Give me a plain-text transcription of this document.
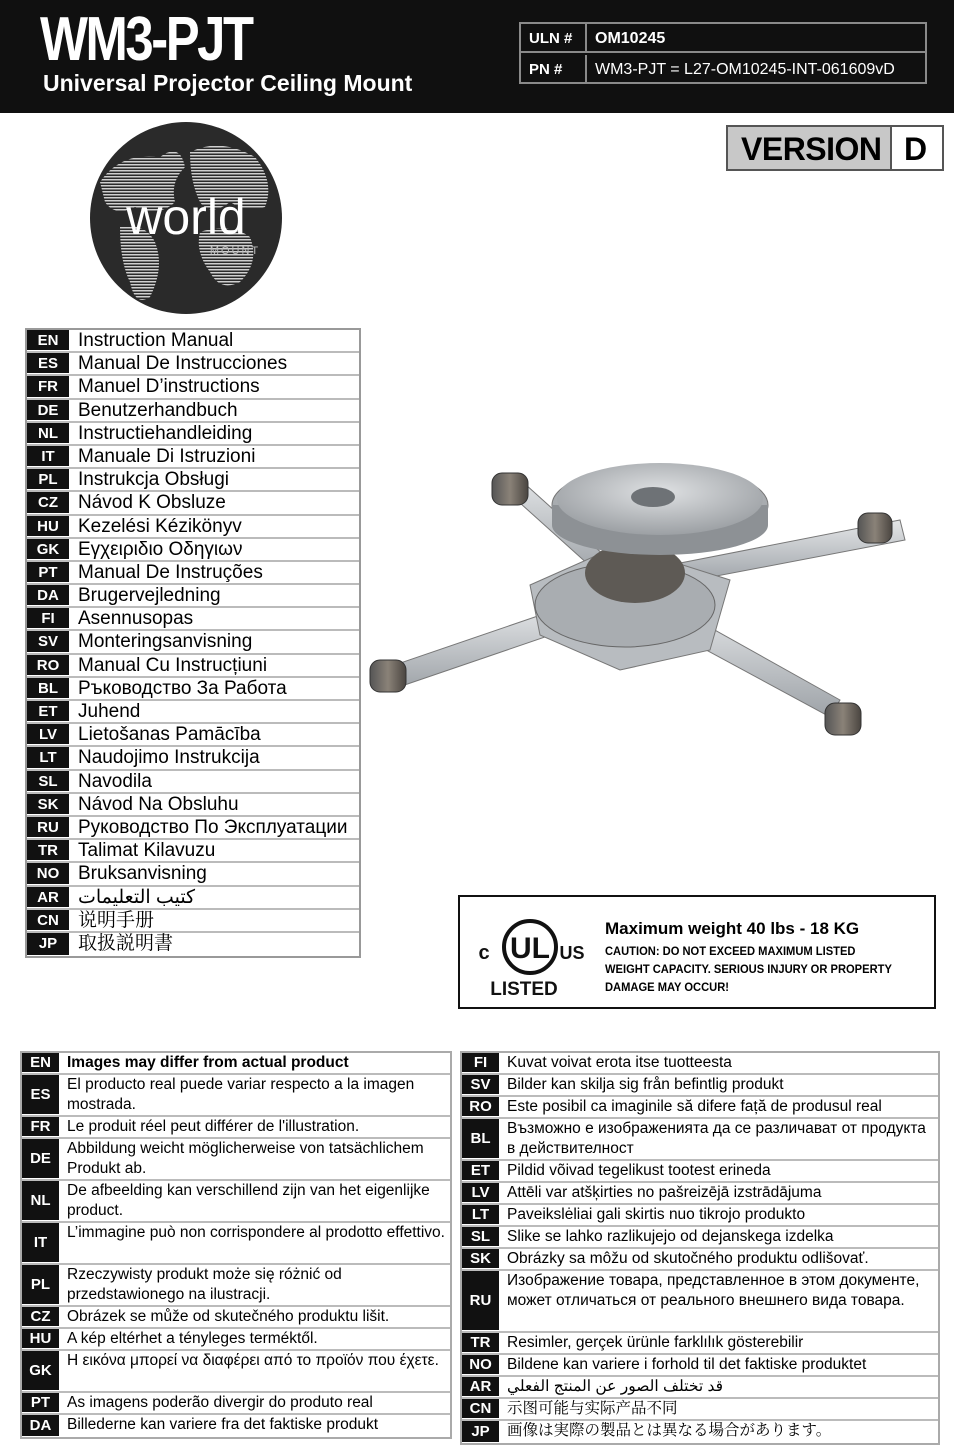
WM3-PJT
Universal Projector Ceiling Mount
ULN #	OM10245
PN #	WM3-PJT = L27-OM10245-INT-061609vD
VERSION D
world
MOUNT
EN	Instruction Manual
ES	Manual De Instrucciones
FR	Manuel D’instructions
DE	Benutzerhandbuch
NL	Instructiehandleiding
IT	Manuale Di Istruzioni
PL	Instrukcja Obsługi
CZ	Návod K Obsluze
HU	Kezelési Kézikönyv
GK Εγχειριδιο Οδηγιων
PT	Manual De Instruções
DA	Brugervejledning
FI	Asennusopas
SV	Monteringsanvisning
RO Manual Cu Instrucțiuni
BL	Ръководство За Работа
ET	Juhend
LV	Lietošanas Pamācība
LT	Naudojimo Instrukcija
SL	Navodila
SK	Návod Na Obsluhu
RU	Руководство По Эксплуатации
TR	Talimat Kilavuzu
NO Bruksanvisning
AR	كتيب التعليمات
CN	说明手册
JP	取扱説明書	UL
c	US
LISTED
Maximum weight 40 lbs - 18 KG
CAUTION: DO NOT EXCEED MAXIMUM LISTED WEIGHT CAPACITY. SERIOUS INJURY OR PROPERTY DAMAGE MAY OCCUR!
EN	Images may differ from actual product
ES
El producto real puede variar respecto a la imagen mostrada.
FR	Le produit réel peut différer de l'illustration.
DE
Abbildung weicht möglicherweise von tatsächlichem Produkt ab.
NL
De afbeelding kan verschillend zijn van het eigenlijke product.
IT
L’immagine può non corrispondere al prodotto effettivo.
PL
Rzeczywisty produkt może się różnić od przedstawionego na ilustracji.
CZ	Obrázek se může od skutečného produktu lišit.
HU	A kép eltérhet a tényleges terméktől.
GK
Η εικόνα μπορεί να διαφέρει από το προϊόν που έχετε.
PT	As imagens poderão divergir do produto real
DA	Billederne kan variere fra det faktiske produkt
FI	Kuvat voivat erota itse tuotteesta
SV	Bilder kan skilja sig från befintlig produkt
RO Este posibil ca imaginile să difere față de produsul real
BL
Възможно е изображенията да се различават от продукта в действителност
ET	Pildid võivad tegelikust tootest erineda
LV	Attēli var atšķirties no pašreizējā izstrādājuma
LT	Paveikslėliai gali skirtis nuo tikrojo produkto
SL	Slike se lahko razlikujejo od dejanskega izdelka
SK	Obrázky sa môžu od skutočného produktu odlišovať.
RU
Изображение товара, представленное в этом документе, может отличаться от реального внешнего вида товара.
TR	Resimler, gerçek ürünle farklılık gösterebilir
NO Bildene kan variere i forhold til det faktiske produktet
AR	قد تختلف الصور عن المنتج الفعلي
CN	示图可能与实际产品不同
JP	画像は実際の製品とは異なる場合があります。
